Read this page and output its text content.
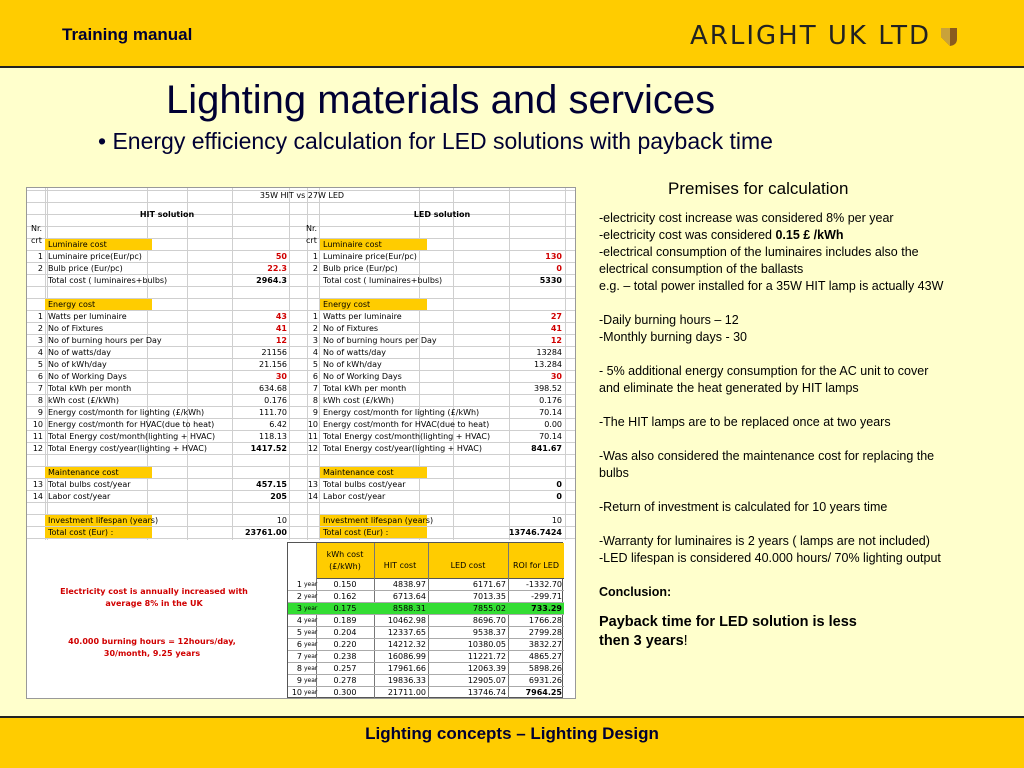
Training manual	ARLIGHT UK LTD
Lighting materials and services
• Energy efficiency calculation for LED solutions with payback time
35W HIT vs 27W LED
HIT solution	LED solution
Nr.
crt
Nr.
crt
Luminaire cost	Luminaire cost
1 Luminaire price(Eur/pc)	50	1 Luminaire price(Eur/pc)	130
2 Bulb price (Eur/pc)	22.3	2 Bulb price (Eur/pc)	0
Total cost ( luminaires+bulbs)	2964.3	Total cost ( luminaires+bulbs)	5330
Energy cost	Energy cost
1 Watts per luminaire	43	1 Watts per luminaire	27
2 No of Fixtures	41	2 No of Fixtures	41
3 No of burning hours per Day	12	3 No of burning hours per Day	12
4 No of watts/day	21156	4 No of watts/day	13284
5 No of kWh/day	21.156	5 No of kWh/day	13.284
6 No of Working Days	30	6 No of Working Days	30
7 Total kWh per month	634.68	7 Total kWh per month	398.52
8 kWh cost (£/kWh)	0.176	8 kWh cost (£/kWh)	0.176
9 Energy cost/month for lighting (£/kWh)	111.70	9 Energy cost/month for lighting (£/kWh)	70.14
10 Energy cost/month for HVAC(due to heat)	6.42	10 Energy cost/month for HVAC(due to heat)	0.00
11 Total Energy cost/month(lighting + HVAC)	118.13	11 Total Energy cost/month(lighting + HVAC)	70.14
12 Total Energy cost/year(lighting + HVAC)	1417.52	12 Total Energy cost/year(lighting + HVAC)	841.67
Maintenance cost	Maintenance cost
13 Total bulbs cost/year	457.15	13 Total bulbs cost/year	0
14 Labor cost/year	205	14 Labor cost/year	0
Investment lifespan (years)	10	Investment lifespan (years)	10
Total cost (Eur) :	23761.00	Total cost (Eur) :	13746.7424
Electricity cost is annually increased with average 8% in the UK
40.000 burning hours = 12hours/day, 30/month, 9.25 years
kWh cost (£/kWh)	HIT cost	LED cost	ROI for LED
1 year	0.150	4838.97	6171.67	-1332.70
2 year	0.162	6713.64	7013.35	-299.71
3 year	0.175	8588.31	7855.02	733.29
4 year	0.189	10462.98	8696.70	1766.28
5 year	0.204	12337.65	9538.37	2799.28
6 year	0.220	14212.32	10380.05	3832.27
7 year	0.238	16086.99	11221.72	4865.27
8 year	0.257	17961.66	12063.39	5898.26
9 year	0.278	19836.33	12905.07	6931.26
10 year	0.300	21711.00	13746.74	7964.25
Premises for calculation

-electricity cost increase was considered 8% per year

-electricity cost was considered 0.15 £ /kWh

-electrical consumption of the luminaires includes also the

electrical consumption of the ballasts

e.g. – total power installed for a 35W HIT lamp is actually 43W

-Daily burning hours – 12

-Monthly burning days - 30

- 5% additional energy consumption for the AC unit to cover

and eliminate the heat generated by HIT lamps

-The HIT lamps are to be replaced once at two years

-Was also considered the maintenance cost for replacing the

bulbs

-Return of investment is calculated for 10 years time

-Warranty for luminaires is 2 years ( lamps are not included)

-LED lifespan is considered 40.000 hours/ 70% lighting output

Conclusion:

Payback time for LED solution is less
then 3 years!
Lighting concepts – Lighting Design
